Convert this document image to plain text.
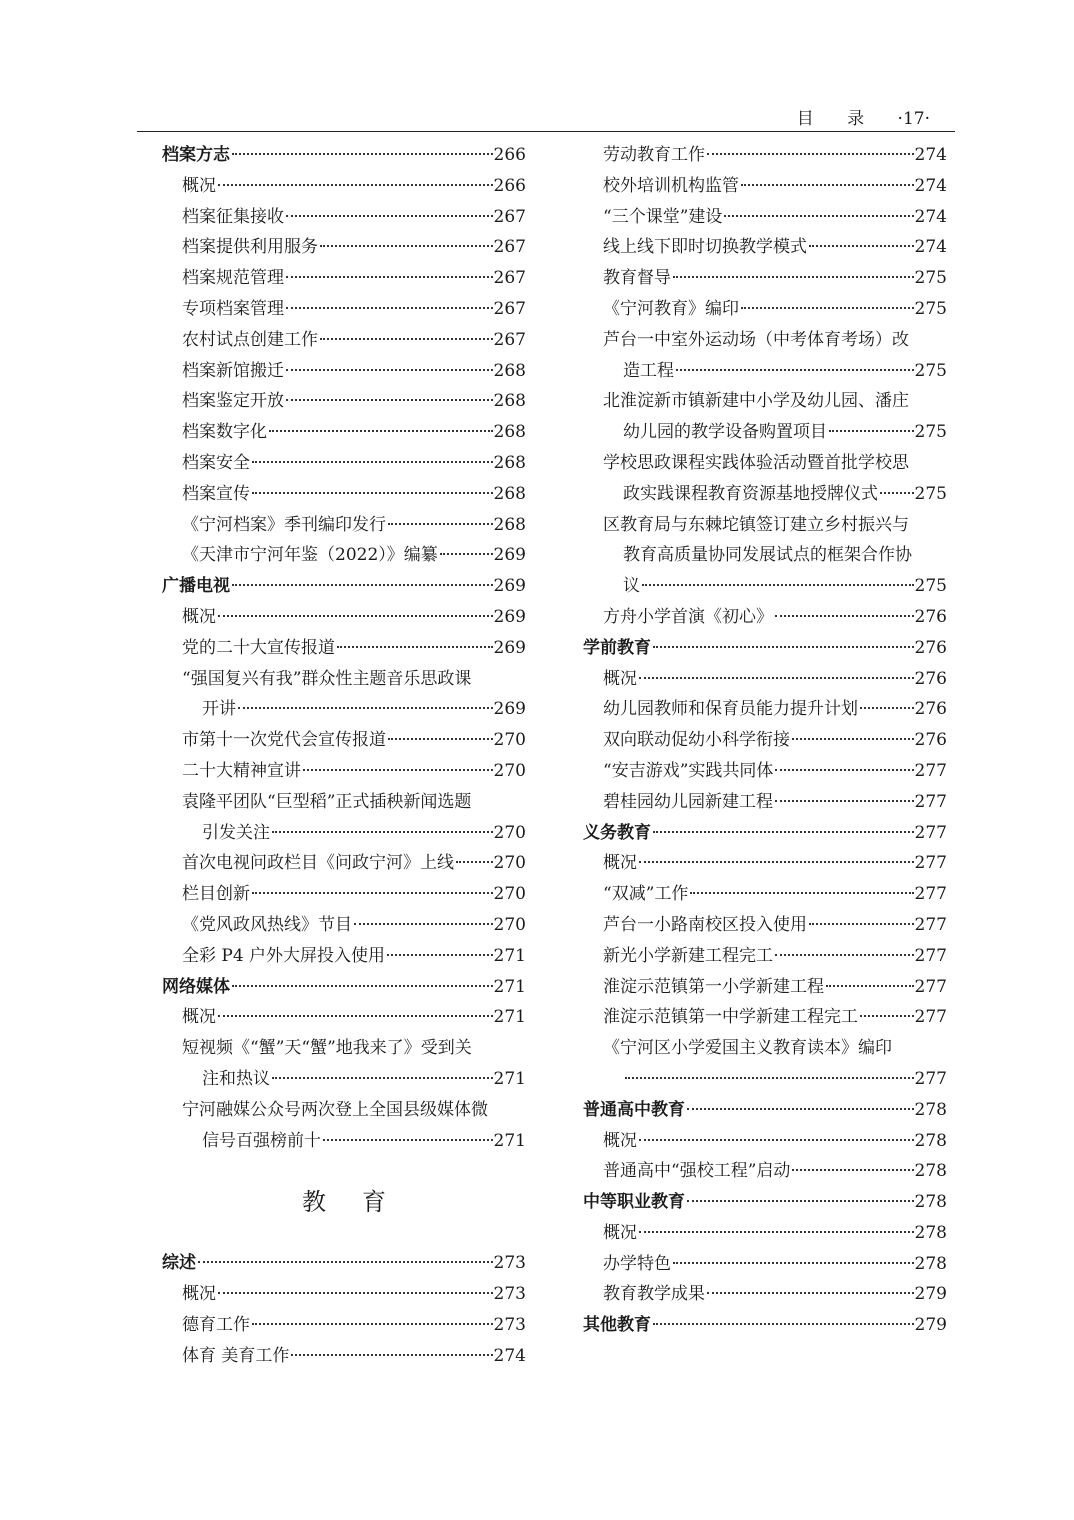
目 录 ·17·
档案方志	266
概况	266
档案征集接收	267
档案提供利用服务	267
档案规范管理	267
专项档案管理	267
农村试点创建工作	267
档案新馆搬迁	268
档案鉴定开放	268
档案数字化	268
档案安全	268
档案宣传	268
《宁河档案》季刊编印发行	268
《天津市宁河年鉴（2022）》编纂	269
广播电视	269
概况	269
党的二十大宣传报道	269
“强国复兴有我”群众性主题音乐思政课
开讲	269
市第十一次党代会宣传报道	270
二十大精神宣讲	270
袁隆平团队“巨型稻”正式插秧新闻选题
引发关注	270
首次电视问政栏目《问政宁河》上线 270
栏目创新	270
《党风政风热线》节目	270
全彩 P4 户外大屏投入使用	271
网络媒体	271
概况	271
短视频《“蟹”天“蟹”地我来了》受到关
注和热议	271
宁河融媒公众号两次登上全国县级媒体微
信号百强榜前十	271
教育
综述	273
概况	273
德育工作	273
体育 美育工作	274
劳动教育工作	274
校外培训机构监管	274
“三个课堂”建设	274
线上线下即时切换教学模式	274
教育督导	275
《宁河教育》编印	275
芦台一中室外运动场（中考体育考场）改
造工程	275
北淮淀新市镇新建中小学及幼儿园、潘庄
幼儿园的教学设备购置项目	275
学校思政课程实践体验活动暨首批学校思
政实践课程教育资源基地授牌仪式 275
区教育局与东棘坨镇签订建立乡村振兴与
教育高质量协同发展试点的框架合作协
议	275
方舟小学首演《初心》	276
学前教育	276
概况	276
幼儿园教师和保育员能力提升计划	276
双向联动促幼小科学衔接	276
“安吉游戏”实践共同体	277
碧桂园幼儿园新建工程	277
义务教育	277
概况	277
“双减”工作	277
芦台一小路南校区投入使用	277
新光小学新建工程完工	277
淮淀示范镇第一小学新建工程	277
淮淀示范镇第一中学新建工程完工	277
《宁河区小学爱国主义教育读本》编印
277
普通高中教育	278
概况	278
普通高中“强校工程”启动	278
中等职业教育	278
概况	278
办学特色	278
教育教学成果	279
其他教育	279
